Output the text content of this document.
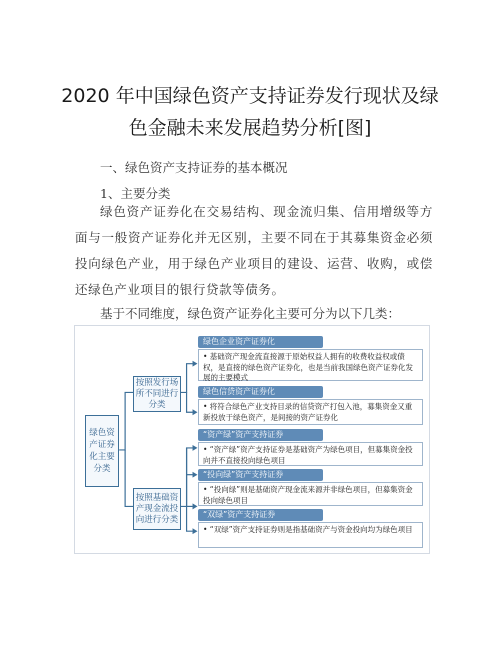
2020 年中国绿色资产支持证券发行现状及绿
色金融未来发展趋势分析[图]
一、绿色资产支持证券的基本概况
1、主要分类
绿色资产证券化在交易结构、现金流归集、信用增级等方面与一般资产证券化并无区别，主要不同在于其募集资金必须投向绿色产业，用于绿色产业项目的建设、运营、收购，或偿还绿色产业项目的银行贷款等债务。
基于不同维度，绿色资产证券化主要可分为以下几类：
绿色资产证券化主要分类
按照发行场所不同进行分类
按照基础资产现金流投向进行分类
绿色企业资产证券化
• 基础资产现金流直接源于原始权益人拥有的收费收益权或债权，是直接的绿色资产证券化，也是当前我国绿色资产证券化发展的主要模式
绿色信贷资产证券化
• 将符合绿色产业支持目录的信贷资产打包入池，募集资金又重新投放于绿色资产，是间接的资产证券化
“资产绿”资产支持证券
• “资产绿”资产支持证券是基础资产为绿色项目，但募集资金投向并不直接投向绿色项目
“投向绿”资产支持证券
• “投向绿”则是基础资产现金流来源并非绿色项目，但募集资金投向绿色项目
“双绿”资产支持证券
• “双绿”资产支持证券则是指基础资产与资金投向均为绿色项目
